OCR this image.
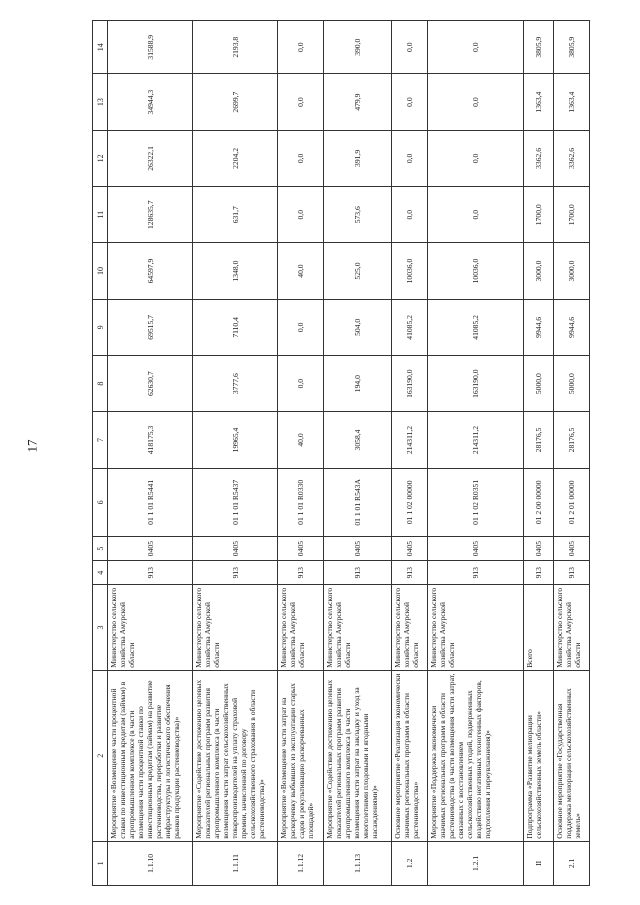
17
1	2	3	4	5	6	7	8	9	10	11	12	13	14
1.1.10	Мероприятие «Возмещение части процентной ставки по инвестиционным кредитам (займам) в агропромышленном комплексе (в части возмещения части процентной ставки по инвестиционным кредитам (займам) на развитие растениеводства, переработки и развитие инфраструктуры и логистического обеспечения рынков продукции растениеводства)»	Министерство сельского хозяйства Амурской области	913	0405	01 1 01 R5441	418175,3	62630,7	69515,7	64597,9	128635,7	26322,1	34944,3	31588,9
1.1.11	Мероприятие «Содействие достижению целевых показателей региональных программ развития агропромышленного комплекса (в части возмещения части затрат сельскохозяйственных товаропроизводителей на уплату страховой премии, начисленной по договору сельскохозяйственного страхования в области растениеводства)»	Министерство сельского хозяйства Амурской области	913	0405	01 1 01 R5437	19965,4	3777,6	7110,4	1348,0	631,7	2204,2	2699,7	2193,8
1.1.12	Мероприятие «Возмещение части затрат на раскорчевку выбывших из эксплуатации старых садов и рекультивацию раскорчеванных площадей»	Министерство сельского хозяйства Амурской области	913	0405	01 1 01 R0330	40,0	0,0	0,0	40,0	0,0	0,0	0,0	0,0
1.1.13	Мероприятие «Содействие достижению целевых показателей региональных программ развития агропромышленного комплекса (в части возмещения части затрат на закладку и уход за многолетними плодовыми и ягодными насаждениями)»	Министерство сельского хозяйства Амурской области	913	0405	01 1 01 R543A	3058,4	194,0	504,0	525,0	573,6	391,9	479,9	390,0
1.2	Основное мероприятие «Реализация экономически значимых региональных программ в области растениеводства»	Министерство сельского хозяйства Амурской области	913	0405	01 1 02 00000	214311,2	163190,0	41085,2	10036,0	0,0	0,0	0,0	0,0
1.2.1	Мероприятие «Поддержка экономически значимых региональных программ в области растениеводства (в части возмещения части затрат, связанных с восстановлением сельскохозяйственных угодий, подверженных воздействию негативных техногенных факторов, подтопления и переувлажнения)»	Министерство сельского хозяйства Амурской области	913	0405	01 1 02 R0351	214311,2	163190,0	41085,2	10036,0	0,0	0,0	0,0	0,0
II	Подпрограмма «Развитие мелиорации сельскохозяйственных земель области»	Всего	913	0405	01 2 00 00000	28176,5	5000,0	9944,6	3000,0	1700,0	3362,6	1363,4	3805,9
2.1	Основное мероприятие «Государственная поддержка мелиорации сельскохозяйственных земель»	Министерство сельского хозяйства Амурской области	913	0405	01 2 01 00000	28176,5	5000,0	9944,6	3000,0	1700,0	3362,6	1363,4	3805,9
